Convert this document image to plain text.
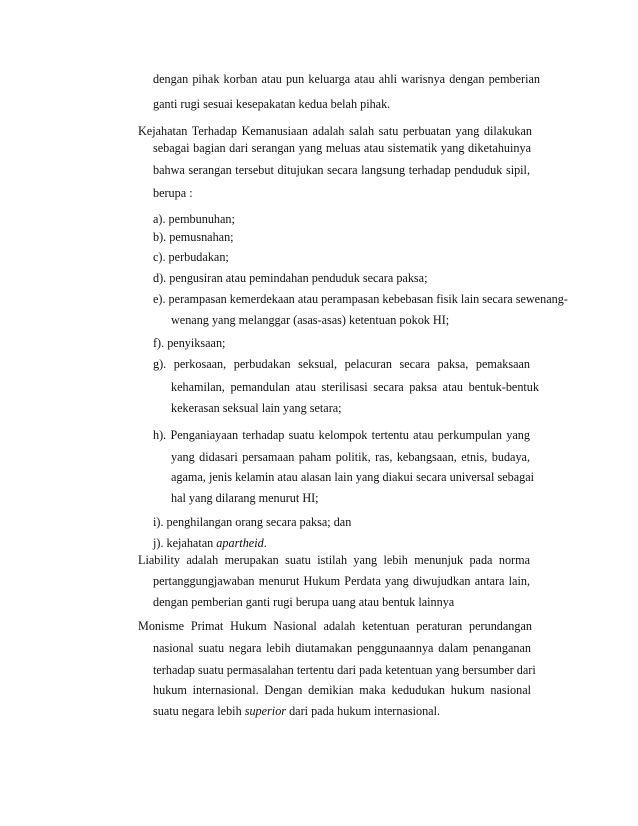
dengan pihak korban atau pun keluarga atau ahli warisnya dengan pemberian
ganti rugi sesuai kesepakatan kedua belah pihak.
Kejahatan Terhadap Kemanusiaan adalah salah satu perbuatan yang dilakukan
sebagai bagian dari serangan yang meluas atau sistematik yang diketahuinya
bahwa serangan tersebut ditujukan secara langsung terhadap penduduk sipil,
berupa :
a). pembunuhan;
b). pemusnahan;
c). perbudakan;
d). pengusiran atau pemindahan penduduk secara paksa;
e). perampasan kemerdekaan atau perampasan kebebasan fisik lain secara sewenang-
wenang yang melanggar (asas-asas) ketentuan pokok HI;
f). penyiksaan;
g). perkosaan, perbudakan seksual, pelacuran secara paksa, pemaksaan
kehamilan, pemandulan atau sterilisasi secara paksa atau bentuk-bentuk
kekerasan seksual lain yang setara;
h). Penganiayaan terhadap suatu kelompok tertentu atau perkumpulan yang
yang didasari persamaan paham politik, ras, kebangsaan, etnis, budaya,
agama, jenis kelamin atau alasan lain yang diakui secara universal sebagai
hal yang dilarang menurut HI;
i). penghilangan orang secara paksa; dan
j). kejahatan apartheid.
Liability adalah merupakan suatu istilah yang lebih menunjuk pada norma
pertanggungjawaban menurut Hukum Perdata yang diwujudkan antara lain,
dengan pemberian ganti rugi berupa uang atau bentuk lainnya
Monisme Primat Hukum Nasional adalah ketentuan peraturan perundangan
nasional suatu negara lebih diutamakan penggunaannya dalam penanganan
terhadap suatu permasalahan tertentu dari pada ketentuan yang bersumber dari
hukum internasional. Dengan demikian maka kedudukan hukum nasional
suatu negara lebih superior dari pada hukum internasional.
